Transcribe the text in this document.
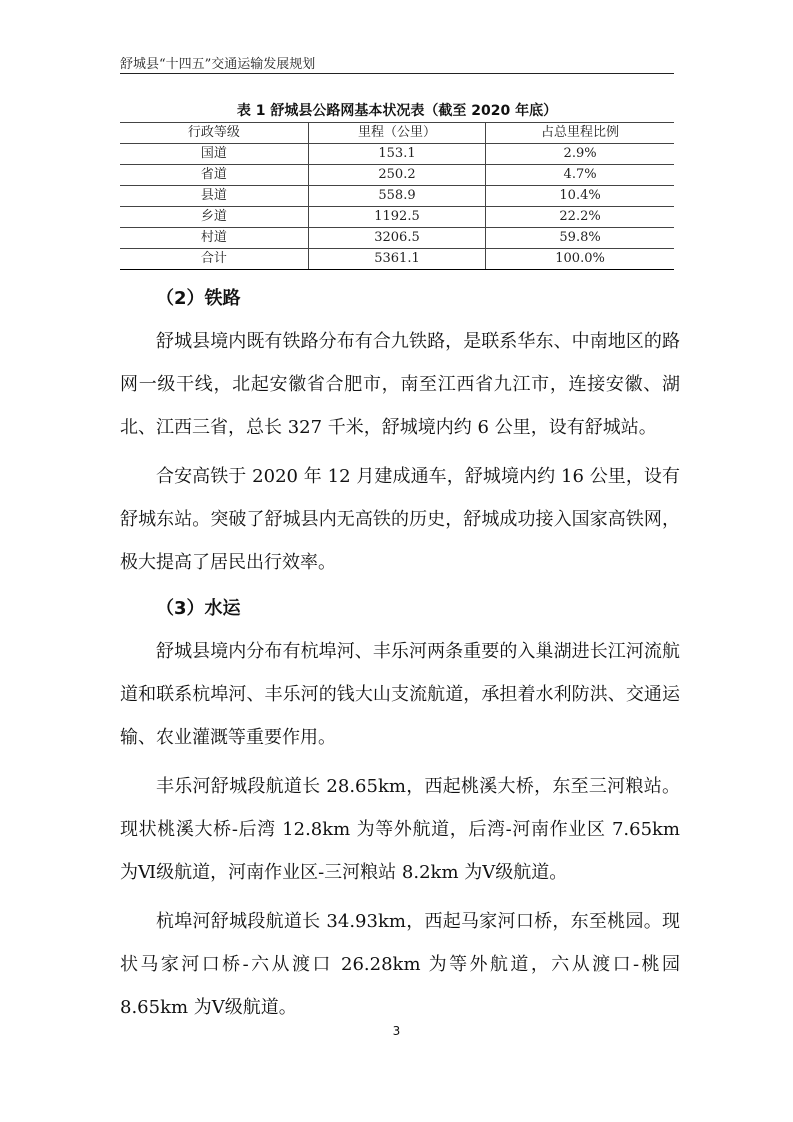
舒城县“十四五”交通运输发展规划
表 1 舒城县公路网基本状况表（截至 2020 年底）
行政等级	里程（公里）	占总里程比例
国道	153.1	2.9%
省道	250.2	4.7%
县道	558.9	10.4%
乡道	1192.5	22.2%
村道	3206.5	59.8%
合计	5361.1	100.0%
（2）铁路

舒城县境内既有铁路分布有合九铁路，是联系华东、中南地区的路网一级干线，北起安徽省合肥市，南至江西省九江市，连接安徽、湖北、江西三省，总长 327 千米，舒城境内约 6 公里，设有舒城站。

合安高铁于 2020 年 12 月建成通车，舒城境内约 16 公里，设有舒城东站。突破了舒城县内无高铁的历史，舒城成功接入国家高铁网，极大提高了居民出行效率。

（3）水运

舒城县境内分布有杭埠河、丰乐河两条重要的入巢湖进长江河流航道和联系杭埠河、丰乐河的钱大山支流航道，承担着水利防洪、交通运输、农业灌溉等重要作用。

丰乐河舒城段航道长 28.65km，西起桃溪大桥，东至三河粮站。现状桃溪大桥-后湾 12.8km 为等外航道，后湾-河南作业区 7.65km 为Ⅵ级航道，河南作业区-三河粮站 8.2km 为Ⅴ级航道。

杭埠河舒城段航道长 34.93km，西起马家河口桥，东至桃园。现状马家河口桥-六从渡口 26.28km 为等外航道，六从渡口-桃园 8.65km 为Ⅴ级航道。

3
